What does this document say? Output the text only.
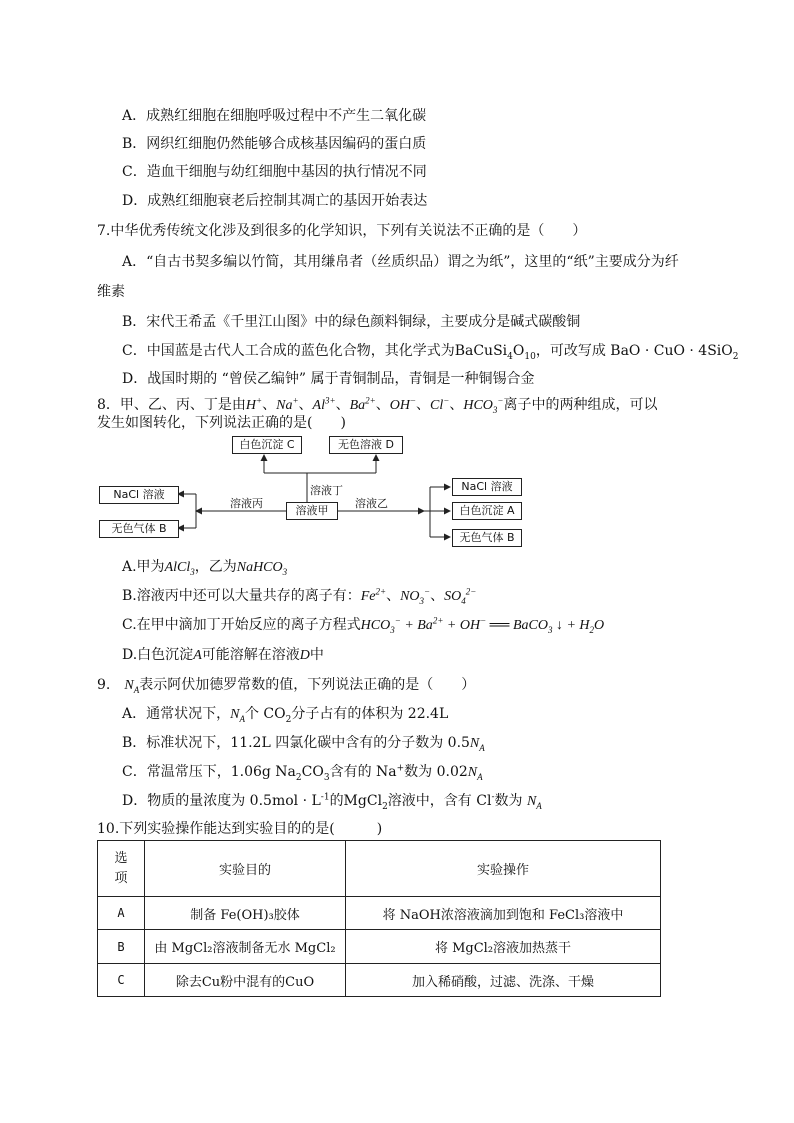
A．成熟红细胞在细胞呼吸过程中不产生二氧化碳
B．网织红细胞仍然能够合成核基因编码的蛋白质
C．造血干细胞与幼红细胞中基因的执行情况不同
D．成熟红细胞衰老后控制其凋亡的基因开始表达
7.中华优秀传统文化涉及到很多的化学知识，下列有关说法不正确的是（　　）
A．“自古书契多编以竹简，其用缣帛者（丝质织品）谓之为纸”，这里的“纸”主要成分为纤
维素
B．宋代王希孟《千里江山图》中的绿色颜料铜绿，主要成分是碱式碳酸铜
C．中国蓝是古代人工合成的蓝色化合物，其化学式为$BaCuSi_4O_{10}$，可改写成 BaO · CuO · 4SiO$_2$
D．战国时期的 “曾侯乙编钟” 属于青铜制品，青铜是一种铜锡合金
8．甲、乙、丙、丁是由H+、Na+、$Al^{3+}$、$Ba^{2+}$、OH−、Cl−、$HCO_3^-$离子中的两种组成，可以
发生如图转化，下列说法正确的是(　　)
白色沉淀 C	无色溶液 D
溶液甲
NaCl 溶液
无色气体 B
NaCl 溶液
白色沉淀 A
无色气体 B
溶液丙
溶液丁
溶液乙
A.甲为AlCl$_3$，乙为NaHCO$_3$
B.溶液丙中还可以大量共存的离子有：$Fe^{2+}$、$NO_3^-$、$SO_4^{2-}$
C.在甲中滴加丁开始反应的离子方程式$HCO_3^- + Ba^{2+} + OH^-$ ══ BaCO$_3$ ↓ + $H_2O$
D.白色沉淀A可能溶解在溶液D中
9.　$N_A$表示阿伏加德罗常数的值，下列说法正确的是（　　）
A．通常状况下，$N_A$个 $CO_2$分子占有的体积为 22.4L
B．标准状况下，11.2L 四氯化碳中含有的分子数为 $0.5N_A$
C．常温常压下，1.06g $Na_2CO_3$含有的 Na+数为 $0.02N_A$
D．物质的量浓度为 $0.5mol \cdot L^{-1}$的MgCl$_2$溶液中，含有 Cl-数为 $N_A$
10.下列实验操作能达到实验目的的是(　　　)
选项	实验目的	实验操作
A	制备 Fe(OH)₃胶体	将 NaOH浓溶液滴加到饱和 FeCl₃溶液中
B	由 MgCl₂溶液制备无水 MgCl₂	将 MgCl₂溶液加热蒸干
C	除去Cu粉中混有的CuO	加入稀硝酸，过滤、洗涤、干燥
